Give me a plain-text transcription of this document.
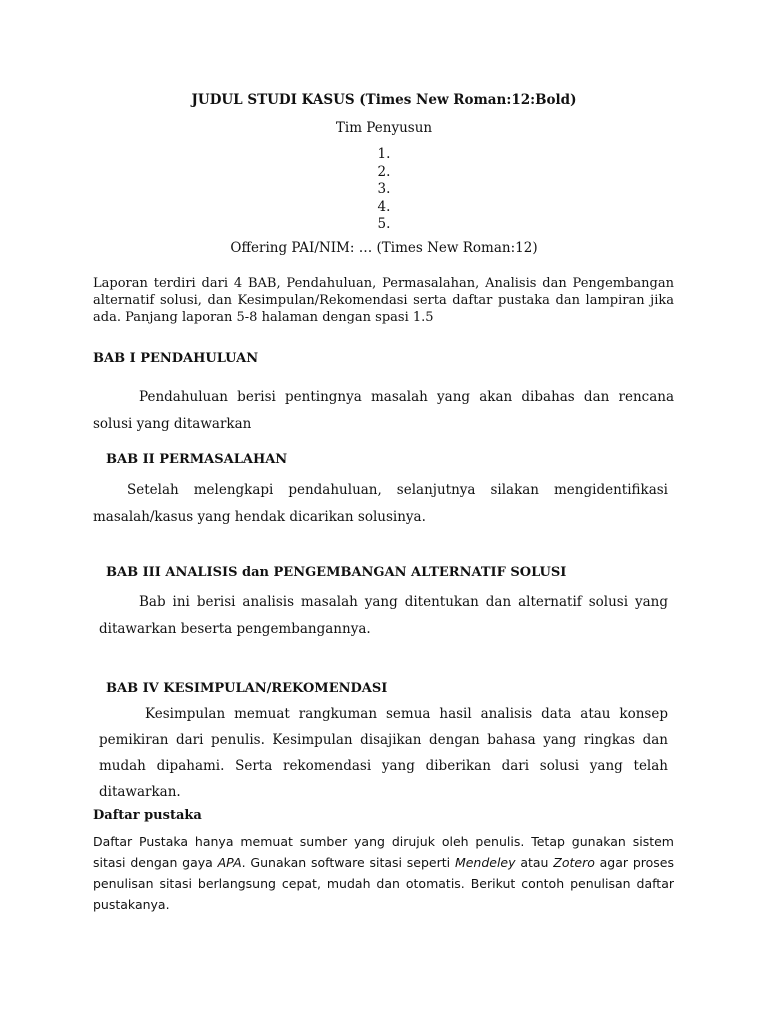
JUDUL STUDI KASUS (Times New Roman:12:Bold)
Tim Penyusun
1.
2.
3.
4.
5.
Offering PAI/NIM: … (Times New Roman:12)
Laporan terdiri dari 4 BAB, Pendahuluan, Permasalahan, Analisis dan Pengembangan alternatif solusi, dan Kesimpulan/Rekomendasi serta daftar pustaka dan lampiran jika ada. Panjang laporan 5-8 halaman dengan spasi 1.5
BAB I PENDAHULUAN
Pendahuluan berisi pentingnya masalah yang akan dibahas dan rencana solusi yang ditawarkan
BAB II PERMASALAHAN
Setelah melengkapi pendahuluan, selanjutnya silakan mengidentifikasi masalah/kasus yang hendak dicarikan solusinya.
BAB III ANALISIS dan PENGEMBANGAN ALTERNATIF SOLUSI
Bab ini berisi analisis masalah yang ditentukan dan alternatif solusi yang ditawarkan beserta pengembangannya.
BAB IV KESIMPULAN/REKOMENDASI
Kesimpulan memuat rangkuman semua hasil analisis data atau konsep pemikiran dari penulis. Kesimpulan disajikan dengan bahasa yang ringkas dan mudah dipahami. Serta rekomendasi yang diberikan dari solusi yang telah ditawarkan.
Daftar pustaka
Daftar Pustaka hanya memuat sumber yang dirujuk oleh penulis. Tetap gunakan sistem sitasi dengan gaya APA. Gunakan software sitasi seperti Mendeley atau Zotero agar proses penulisan sitasi berlangsung cepat, mudah dan otomatis. Berikut contoh penulisan daftar pustakanya.
